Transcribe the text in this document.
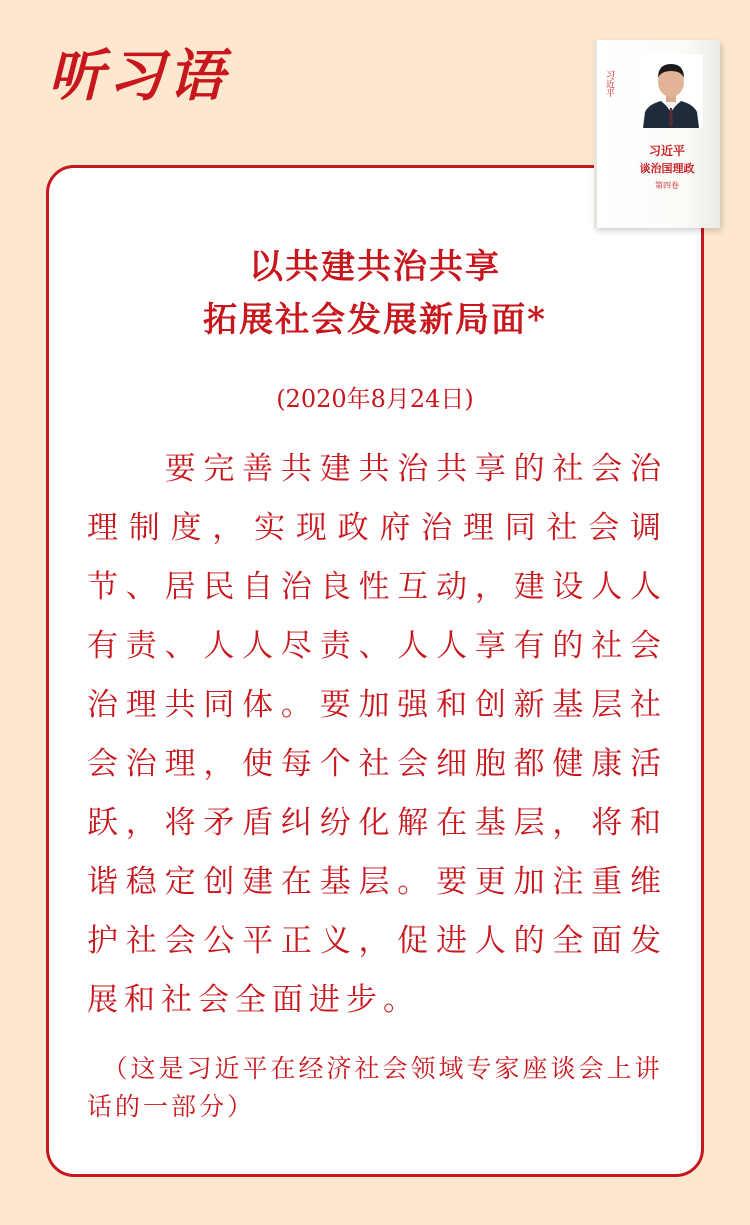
听习语	习近平
习近平
谈治国理政
第四卷
以共建共治共享
拓展社会发展新局面*
(2020年8月24日)

　　要完善共建共治共享的社会治理制度，实现政府治理同社会调节、居民自治良性互动，建设人人有责、人人尽责、人人享有的社会治理共同体。要加强和创新基层社会治理，使每个社会细胞都健康活跃，将矛盾纠纷化解在基层，将和谐稳定创建在基层。要更加注重维护社会公平正义，促进人的全面发展和社会全面进步。

　（这是习近平在经济社会领域专家座谈会上讲话的一部分）
